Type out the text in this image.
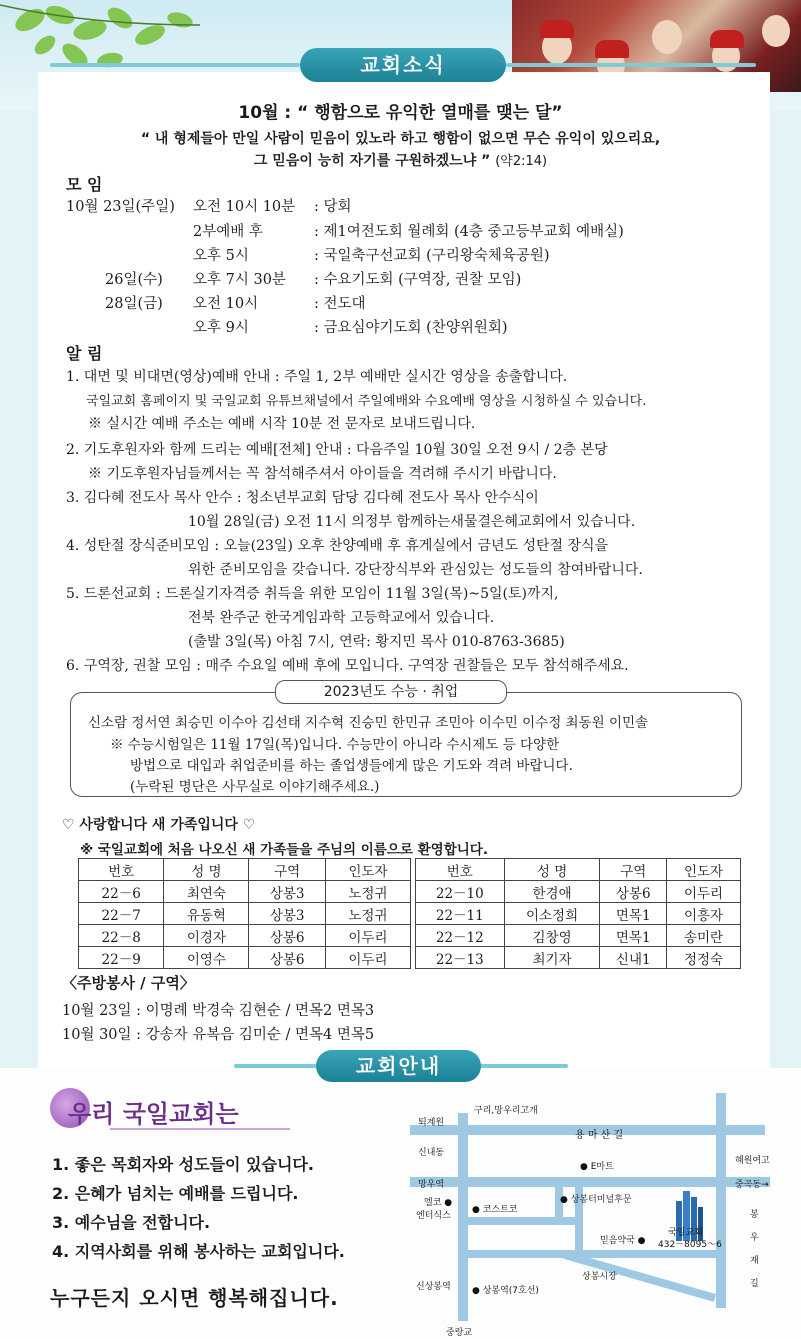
교회소식
10월 : “ 행함으로 유익한 열매를 맺는 달”
“ 내 형제들아 만일 사람이 믿음이 있노라 하고 행함이 없으면 무슨 유익이 있으리요,
그 믿음이 능히 자기를 구원하겠느냐 ” (약2:14)
모 임
10월 23일(주일) 오전 10시 10분 : 당회
2부예배 후	: 제1여전도회 월례회 (4층 중고등부교회 예배실)
오후 5시	: 국일축구선교회 (구리왕숙체육공원)
26일(수) 오후 7시 30분 : 수요기도회 (구역장, 권찰 모임)
28일(금) 오전 10시	: 전도대
오후 9시	: 금요심야기도회 (찬양위원회)
알 림
1. 대면 및 비대면(영상)예배 안내 : 주일 1, 2부 예배만 실시간 영상을 송출합니다.
국일교회 홈페이지 및 국일교회 유튜브채널에서 주일예배와 수요예배 영상을 시청하실 수 있습니다.
※ 실시간 예배 주소는 예배 시작 10분 전 문자로 보내드립니다.
2. 기도후원자와 함께 드리는 예배[전체] 안내 : 다음주일 10월 30일 오전 9시 / 2층 본당
※ 기도후원자님들께서는 꼭 참석해주셔서 아이들을 격려해 주시기 바랍니다.
3. 김다혜 전도사 목사 안수 : 청소년부교회 담당 김다혜 전도사 목사 안수식이
10월 28일(금) 오전 11시 의정부 함께하는새물결은혜교회에서 있습니다.
4. 성탄절 장식준비모임 : 오늘(23일) 오후 찬양예배 후 휴게실에서 금년도 성탄절 장식을
위한 준비모임을 갖습니다. 강단장식부와 관심있는 성도들의 참여바랍니다.
5. 드론선교회 : 드론실기자격증 취득을 위한 모임이 11월 3일(목)~5일(토)까지,
전북 완주군 한국게임과학 고등학교에서 있습니다.
(출발 3일(목) 아침 7시, 연락: 황지민 목사 010-8763-3685)
6. 구역장, 권찰 모임 : 매주 수요일 예배 후에 모입니다. 구역장 권찰들은 모두 참석해주세요.
2023년도 수능 · 취업
신소람 정서연 최승민 이수아 김선태 지수혁 진승민 한민규 조민아 이수민 이수정 최동원 이민솔
※ 수능시험일은 11월 17일(목)입니다. 수능만이 아니라 수시제도 등 다양한
방법으로 대입과 취업준비를 하는 졸업생들에게 많은 기도와 격려 바랍니다.
(누락된 명단은 사무실로 이야기해주세요.)
♡ 사랑합니다 새 가족입니다 ♡
※ 국일교회에 처음 나오신 새 가족들을 주님의 이름으로 환영합니다.
번호	성 명	구역	인도자
22－6	최연숙	상봉3	노정귀
22－7	유동혁	상봉3	노정귀
22－8	이경자	상봉6	이두리
22－9	이영수	상봉6	이두리
번호	성 명	구역	인도자
22－10	한경애	상봉6	이두리
22－11	이소정희	면목1	이흥자
22－12	김창영	면목1	송미란
22－13	최기자	신내1	정정숙
〈주방봉사 / 구역〉
10월 23일 : 이명례 박경숙 김현순 / 면목2 면목3
10월 30일 : 강송자 유복음 김미순 / 면목4 면목5
교회안내
우리 국일교회는
1. 좋은 목회자와 성도들이 있습니다.
2. 은혜가 넘치는 예배를 드립니다.
3. 예수님을 전합니다.
4. 지역사회를 위해 봉사하는 교회입니다.
누구든지 오시면 행복해집니다.
구리,망우리고개
퇴계원
용 마 산 길
신내동
혜원여고
● E마트
망우역	중곡동→
엘코 ●
엔터식스
● 코스트코
● 상봉터미널후문
국일교회
432－8095～6
믿음약국 ●
봉
우
재
길
상봉시장
신상봉역 ● 상봉역(7호선)
중랑교
